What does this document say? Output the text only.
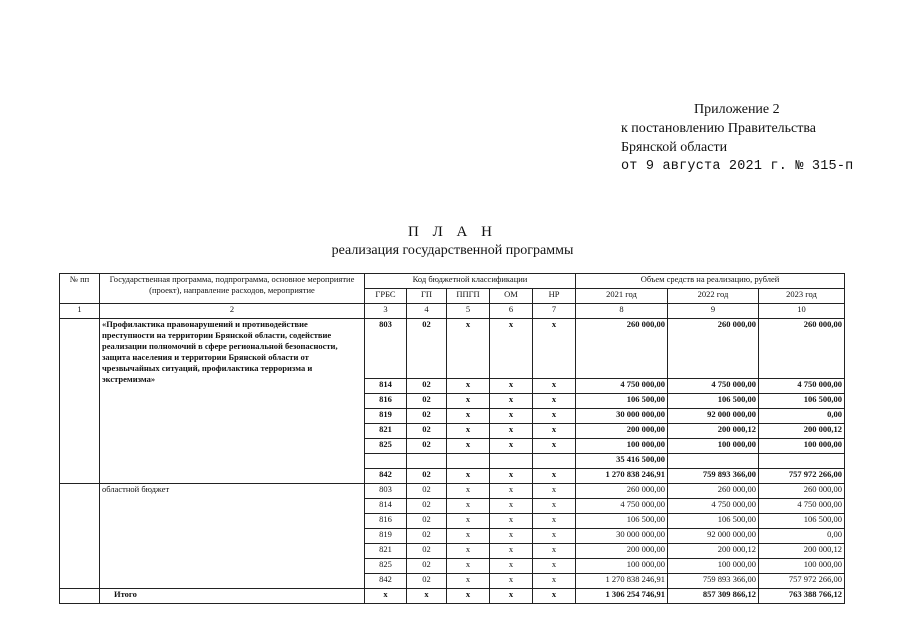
Приложение 2
к постановлению Правительства
Брянской области
от 9 августа 2021 г. № 315-п
П Л А Н
реализация государственной программы
№ пп	Государственная программа, подпрограмма, основное мероприятие (проект), направление расходов, мероприятие	Код бюджетной классификации					Объем средств на реализацию, рублей		
		ГРБС	ГП	ППГП	ОМ	НР	2021 год	2022 год	2023 год
1	2	3	4	5	6	7	8	9	10
	«Профилактика правонарушений и противодействие преступности на территории Брянской области, содействие реализации полномочий в сфере региональной безопасности, защита населения и территории Брянской области от чрезвычайных ситуаций, профилактика терроризма и экстремизма»	803	02	х	х	х	260 000,00	260 000,00	260 000,00
		814	02	х	х	х	4 750 000,00	4 750 000,00	4 750 000,00
		816	02	х	х	х	106 500,00	106 500,00	106 500,00
		819	02	х	х	х	30 000 000,00	92 000 000,00	0,00
		821	02	х	х	х	200 000,00	200 000,12	200 000,12
		825	02	х	х	х	100 000,00	100 000,00	100 000,00
							35 416 500,00		
		842	02	х	х	х	1 270 838 246,91	759 893 366,00	757 972 266,00
	областной бюджет	803	02	х	х	х	260 000,00	260 000,00	260 000,00
		814	02	х	х	х	4 750 000,00	4 750 000,00	4 750 000,00
		816	02	х	х	х	106 500,00	106 500,00	106 500,00
		819	02	х	х	х	30 000 000,00	92 000 000,00	0,00
		821	02	х	х	х	200 000,00	200 000,12	200 000,12
		825	02	х	х	х	100 000,00	100 000,00	100 000,00
		842	02	х	х	х	1 270 838 246,91	759 893 366,00	757 972 266,00
	Итого	х	х	х	х	х	1 306 254 746,91	857 309 866,12	763 388 766,12
